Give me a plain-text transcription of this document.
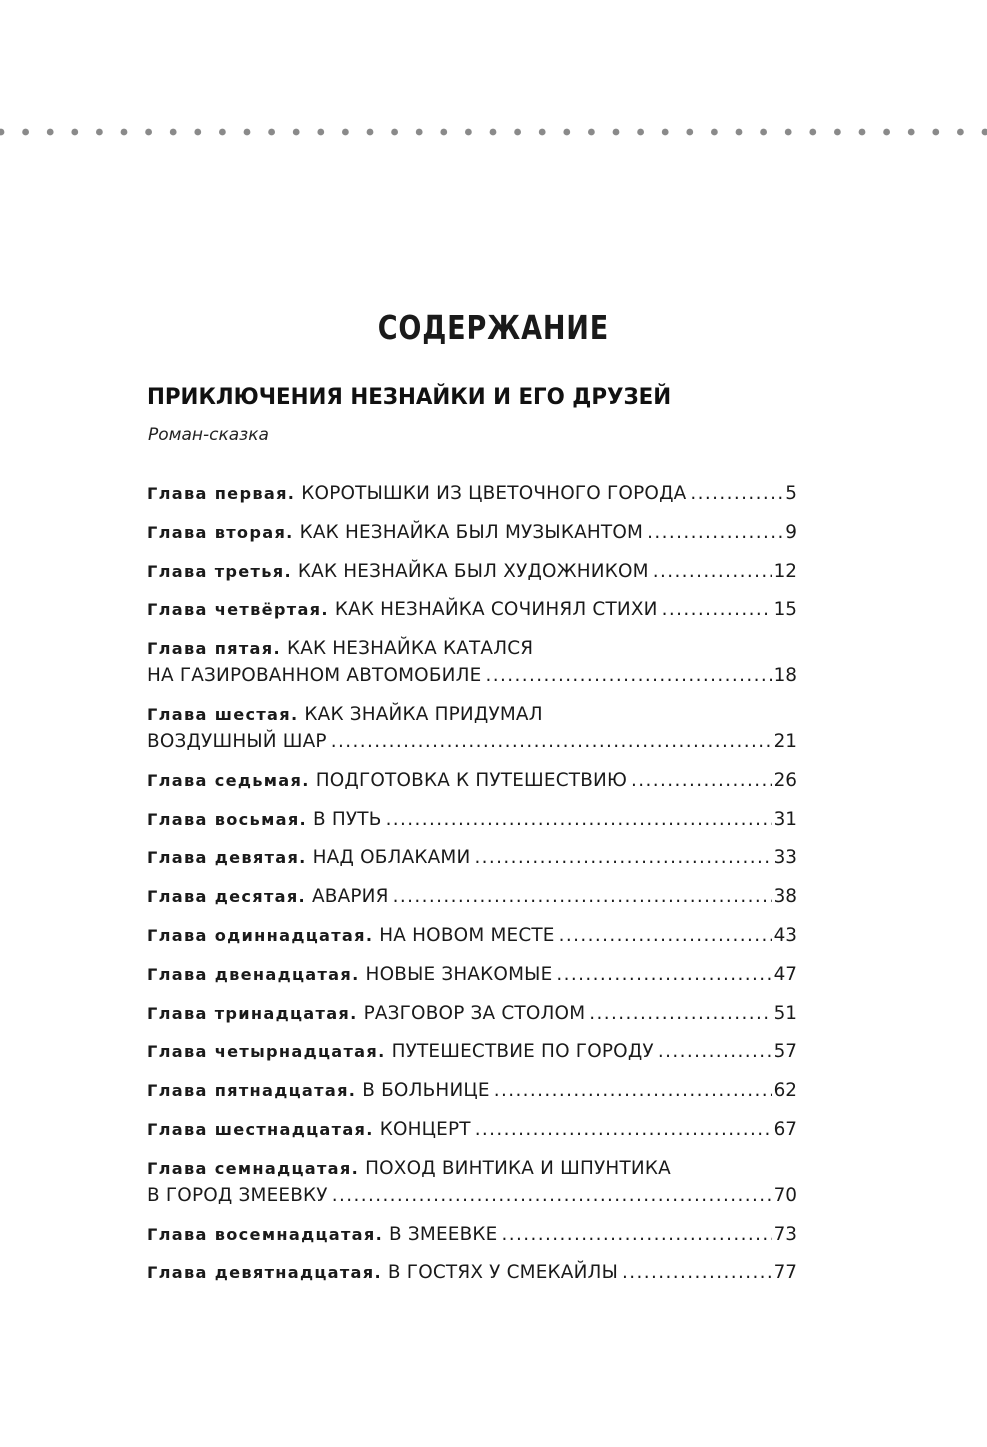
СОДЕРЖАНИЕ
ПРИКЛЮЧЕНИЯ НЕЗНАЙКИ И ЕГО ДРУЗЕЙ
Роман-сказка
Глава первая. КОРОТЫШКИ ИЗ ЦВЕТОЧНОГО ГОРОДА .....	5
Глава вторая. КАК НЕЗНАЙКА БЫЛ МУЗЫКАНТОМ .....	9
Глава третья. КАК НЕЗНАЙКА БЫЛ ХУДОЖНИКОМ .....	12
Глава четвёртая. КАК НЕЗНАЙКА СОЧИНЯЛ СТИХИ .....	15
Глава пятая. КАК НЕЗНАЙКА КАТАЛСЯ
НА ГАЗИРОВАННОМ АВТОМОБИЛЕ .....	18
Глава шестая. КАК ЗНАЙКА ПРИДУМАЛ
ВОЗДУШНЫЙ ШАР .....	21
Глава седьмая. ПОДГОТОВКА К ПУТЕШЕСТВИЮ .....	26
Глава восьмая. В ПУТЬ .....	31
Глава девятая. НАД ОБЛАКАМИ .....	33
Глава десятая. АВАРИЯ .....	38
Глава одиннадцатая. НА НОВОМ МЕСТЕ .....	43
Глава двенадцатая. НОВЫЕ ЗНАКОМЫЕ .....	47
Глава тринадцатая. РАЗГОВОР ЗА СТОЛОМ .....	51
Глава четырнадцатая. ПУТЕШЕСТВИЕ ПО ГОРОДУ .....	57
Глава пятнадцатая. В БОЛЬНИЦЕ .....	62
Глава шестнадцатая. КОНЦЕРТ .....	67
Глава семнадцатая. ПОХОД ВИНТИКА И ШПУНТИКА
В ГОРОД ЗМЕЕВКУ .....	70
Глава восемнадцатая. В ЗМЕЕВКЕ .....	73
Глава девятнадцатая. В ГОСТЯХ У СМЕКАЙЛЫ .....	77
